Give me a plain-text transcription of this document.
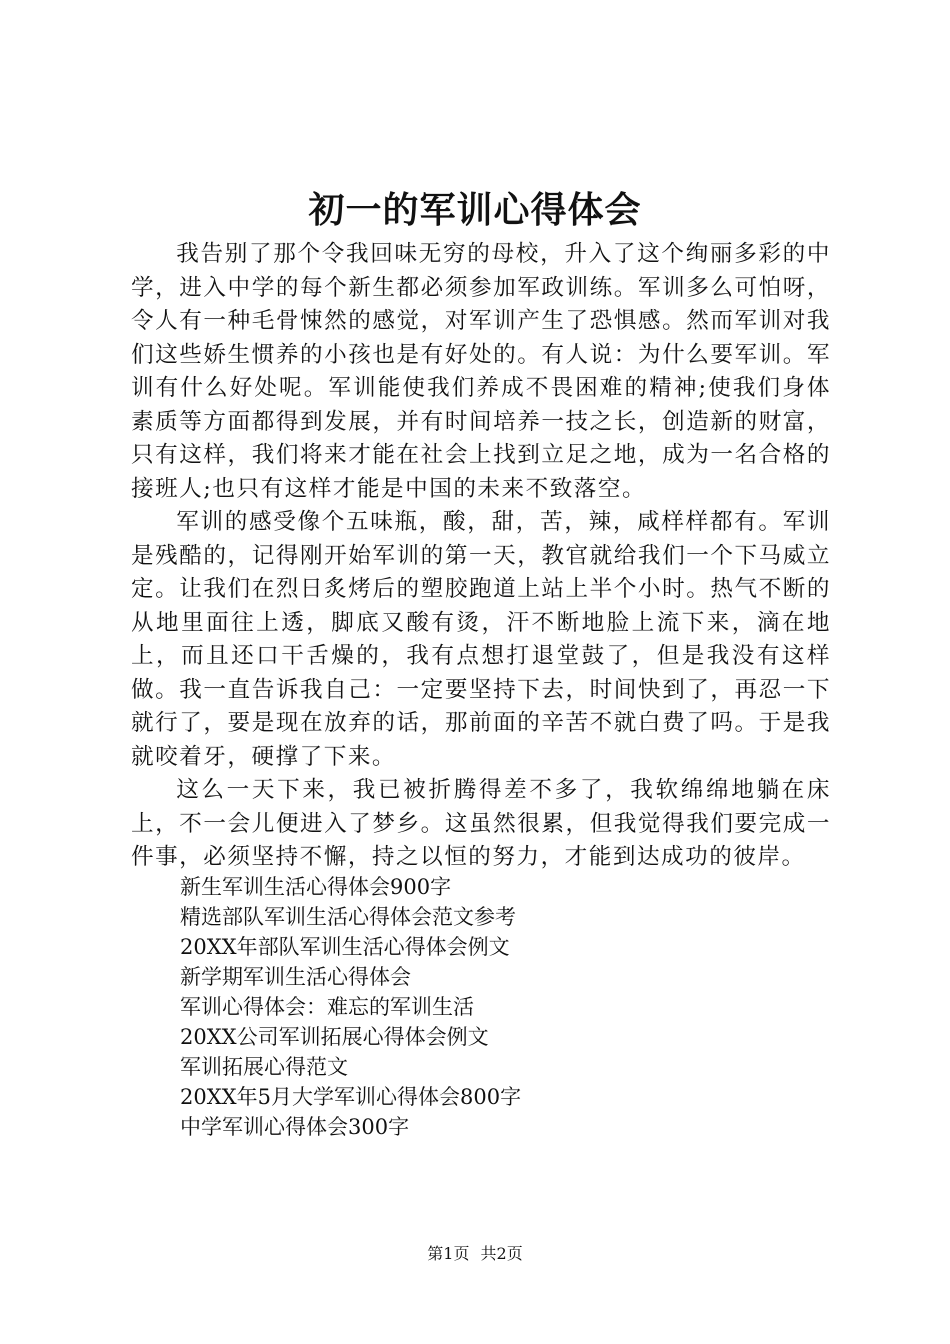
初一的军训心得体会

我告别了那个令我回味无穷的母校，升入了这个绚丽多彩的中学，进入中学的每个新生都必须参加军政训练。军训多么可怕呀，令人有一种毛骨悚然的感觉，对军训产生了恐惧感。然而军训对我们这些娇生惯养的小孩也是有好处的。有人说：为什么要军训。军训有什么好处呢。军训能使我们养成不畏困难的精神;使我们身体素质等方面都得到发展，并有时间培养一技之长，创造新的财富，只有这样，我们将来才能在社会上找到立足之地，成为一名合格的接班人;也只有这样才能是中国的未来不致落空。

军训的感受像个五味瓶，酸，甜，苦，辣，咸样样都有。军训是残酷的，记得刚开始军训的第一天，教官就给我们一个下马威立定。让我们在烈日炙烤后的塑胶跑道上站上半个小时。热气不断的从地里面往上透，脚底又酸有烫，汗不断地脸上流下来，滴在地上，而且还口干舌燥的，我有点想打退堂鼓了，但是我没有这样做。我一直告诉我自己：一定要坚持下去，时间快到了，再忍一下就行了，要是现在放弃的话，那前面的辛苦不就白费了吗。于是我就咬着牙，硬撑了下来。

这么一天下来，我已被折腾得差不多了，我软绵绵地躺在床上，不一会儿便进入了梦乡。这虽然很累，但我觉得我们要完成一件事，必须坚持不懈，持之以恒的努力，才能到达成功的彼岸。

新生军训生活心得体会900字
精选部队军训生活心得体会范文参考
20XX年部队军训生活心得体会例文
新学期军训生活心得体会
军训心得体会：难忘的军训生活
20XX公司军训拓展心得体会例文
军训拓展心得范文
20XX年5月大学军训心得体会800字
中学军训心得体会300字
第1页 共2页
